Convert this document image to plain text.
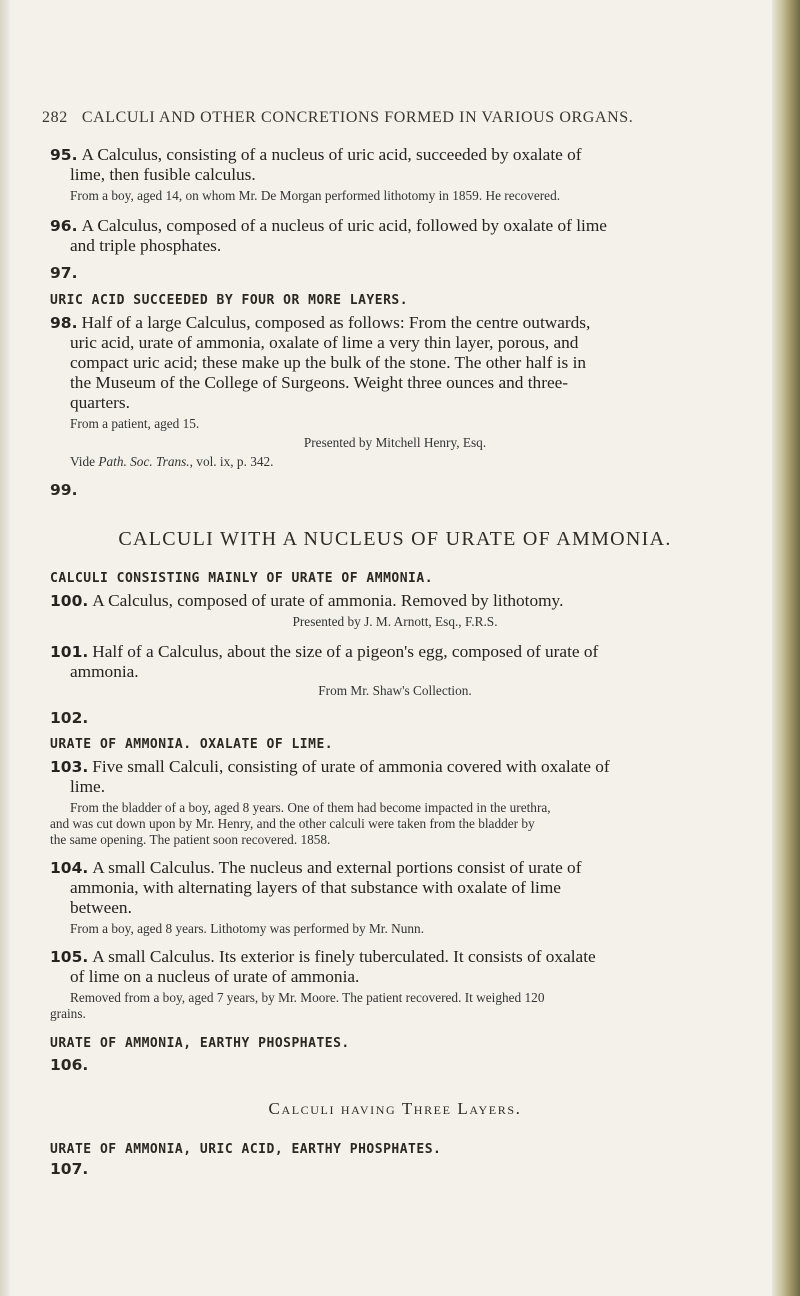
282 CALCULI AND OTHER CONCRETIONS FORMED IN VARIOUS ORGANS.
95. A Calculus, consisting of a nucleus of uric acid, succeeded by oxalate of
lime, then fusible calculus.
From a boy, aged 14, on whom Mr. De Morgan performed lithotomy in 1859. He recovered.
96. A Calculus, composed of a nucleus of uric acid, followed by oxalate of lime
and triple phosphates.
97.
URIC ACID SUCCEEDED BY FOUR OR MORE LAYERS.
98. Half of a large Calculus, composed as follows: From the centre outwards,
uric acid, urate of ammonia, oxalate of lime a very thin layer, porous, and
compact uric acid; these make up the bulk of the stone. The other half is in
the Museum of the College of Surgeons. Weight three ounces and three-
quarters.
From a patient, aged 15.
Presented by Mitchell Henry, Esq.
Vide Path. Soc. Trans., vol. ix, p. 342.
99.
CALCULI WITH A NUCLEUS OF URATE OF AMMONIA.
CALCULI CONSISTING MAINLY OF URATE OF AMMONIA.
100. A Calculus, composed of urate of ammonia. Removed by lithotomy.
Presented by J. M. Arnott, Esq., F.R.S.
101. Half of a Calculus, about the size of a pigeon's egg, composed of urate of
ammonia.
From Mr. Shaw's Collection.
102.
URATE OF AMMONIA. OXALATE OF LIME.
103. Five small Calculi, consisting of urate of ammonia covered with oxalate of
lime.
From the bladder of a boy, aged 8 years. One of them had become impacted in the urethra,
and was cut down upon by Mr. Henry, and the other calculi were taken from the bladder by
the same opening. The patient soon recovered. 1858.
104. A small Calculus. The nucleus and external portions consist of urate of
ammonia, with alternating layers of that substance with oxalate of lime
between.
From a boy, aged 8 years. Lithotomy was performed by Mr. Nunn.
105. A small Calculus. Its exterior is finely tuberculated. It consists of oxalate
of lime on a nucleus of urate of ammonia.
Removed from a boy, aged 7 years, by Mr. Moore. The patient recovered. It weighed 120
grains.
URATE OF AMMONIA, EARTHY PHOSPHATES.
106.
Calculi having Three Layers.
URATE OF AMMONIA, URIC ACID, EARTHY PHOSPHATES.
107.
